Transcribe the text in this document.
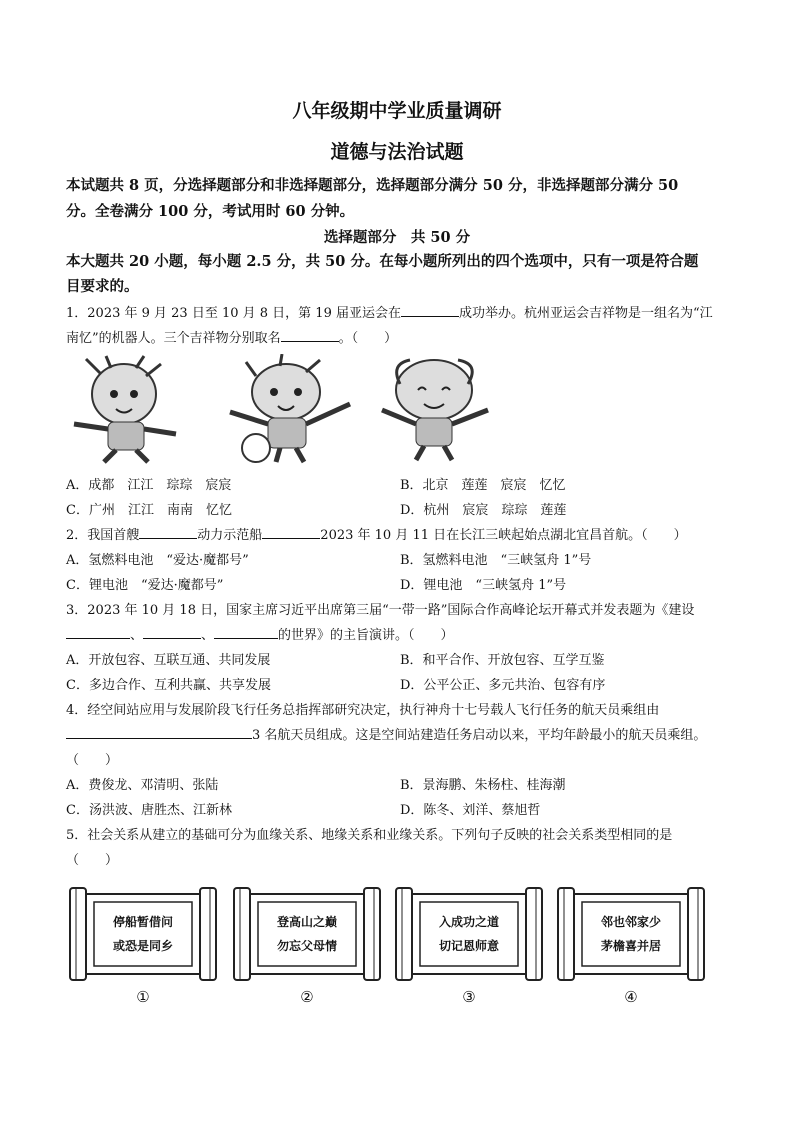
八年级期中学业质量调研
道德与法治试题
本试题共 8 页，分选择题部分和非选择题部分，选择题部分满分 50 分，非选择题部分满分 50
分。全卷满分 100 分，考试用时 60 分钟。
选择题部分　共 50 分
本大题共 20 小题，每小题 2.5 分，共 50 分。在每小题所列出的四个选项中，只有一项是符合题
目要求的。
1．2023 年 9 月 23 日至 10 月 8 日，第 19 届亚运会在	成功举办。杭州亚运会吉祥物是一组名为“江
南忆”的机器人。三个吉祥物分别取名	。（　　）
A．成都　江江　琮琮　宸宸	B．北京　莲莲　宸宸　忆忆
C．广州　江江　南南　忆忆	D．杭州　宸宸　琮琮　莲莲
2．我国首艘	动力示范船	2023 年 10 月 11 日在长江三峡起始点湖北宜昌首航。（　　）
A．氢燃料电池　“爱达·魔都号”	B．氢燃料电池　“三峡氢舟 1”号
C．锂电池　“爱达·魔都号”	D．锂电池　“三峡氢舟 1”号
3．2023 年 10 月 18 日，国家主席习近平出席第三届“一带一路”国际合作高峰论坛开幕式并发表题为《建设
、	、	的世界》的主旨演讲。（　　）
A．开放包容、互联互通、共同发展	B．和平合作、开放包容、互学互鉴
C．多边合作、互利共赢、共享发展	D．公平公正、多元共治、包容有序
4．经空间站应用与发展阶段飞行任务总指挥部研究决定，执行神舟十七号载人飞行任务的航天员乘组由
3 名航天员组成。这是空间站建造任务启动以来，平均年龄最小的航天员乘组。
（　　）
A．费俊龙、邓清明、张陆	B．景海鹏、朱杨柱、桂海潮
C．汤洪波、唐胜杰、江新林	D．陈冬、刘洋、蔡旭哲
5．社会关系从建立的基础可分为血缘关系、地缘关系和业缘关系。下列句子反映的社会关系类型相同的是
（　　）
停船暂借问
或恐是同乡
①
登高山之巅
勿忘父母情
②
入成功之道
切记恩师意
③
邻也邻家少
茅檐喜并居
④
